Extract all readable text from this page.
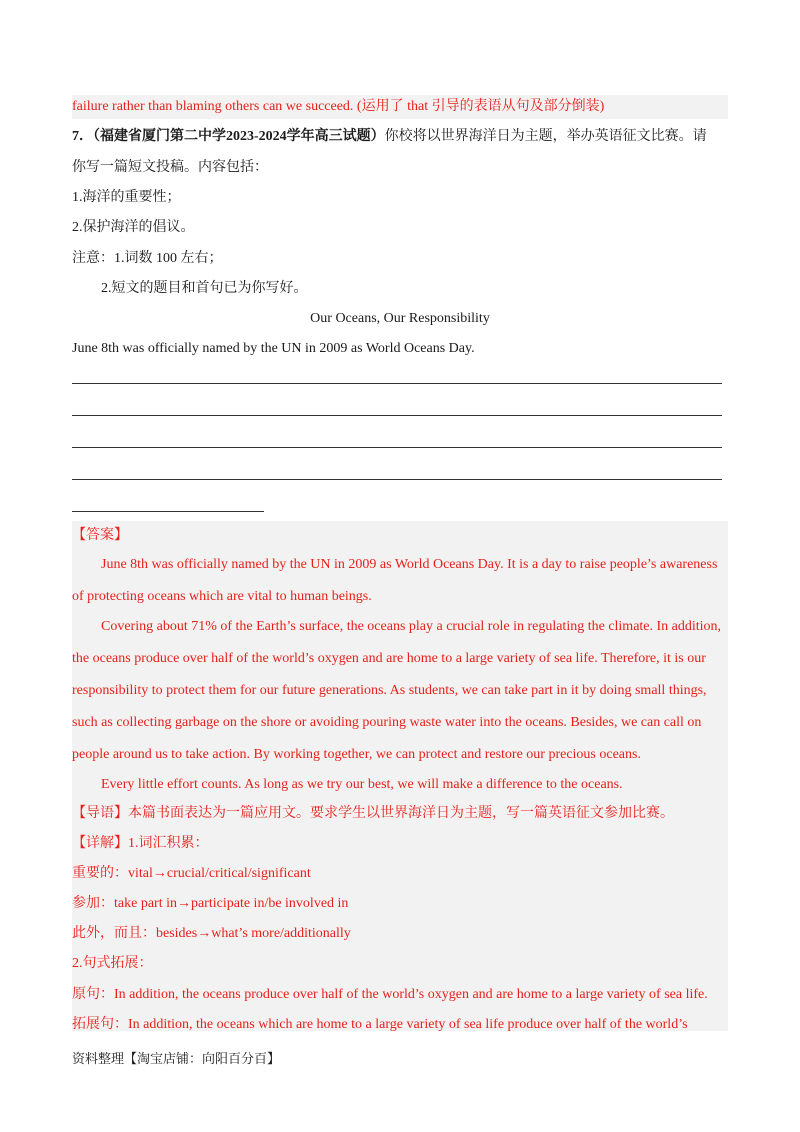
failure rather than blaming others can we succeed. (运用了 that 引导的表语从句及部分倒装)
7．（福建省厦门第二中学2023-2024学年高三试题）你校将以世界海洋日为主题，举办英语征文比赛。请
你写一篇短文投稿。内容包括：
1.海洋的重要性；
2.保护海洋的倡议。
注意：1.词数 100 左右；
2.短文的题目和首句已为你写好。
Our Oceans, Our Responsibility
June 8th was officially named by the UN in 2009 as World Oceans Day.
【答案】
June 8th was officially named by the UN in 2009 as World Oceans Day. It is a day to raise people’s awareness
of protecting oceans which are vital to human beings.
Covering about 71% of the Earth’s surface, the oceans play a crucial role in regulating the climate. In addition,
the oceans produce over half of the world’s oxygen and are home to a large variety of sea life. Therefore, it is our
responsibility to protect them for our future generations. As students, we can take part in it by doing small things,
such as collecting garbage on the shore or avoiding pouring waste water into the oceans. Besides, we can call on
people around us to take action. By working together, we can protect and restore our precious oceans.
Every little effort counts. As long as we try our best, we will make a difference to the oceans.
【导语】本篇书面表达为一篇应用文。要求学生以世界海洋日为主题，写一篇英语征文参加比赛。
【详解】1.词汇积累：
重要的：vital→crucial/critical/significant
参加：take part in→participate in/be involved in
此外，而且：besides→what’s more/additionally
2.句式拓展：
原句：In addition, the oceans produce over half of the world’s oxygen and are home to a large variety of sea life.
拓展句：In addition, the oceans which are home to a large variety of sea life produce over half of the world’s
资料整理【淘宝店铺：向阳百分百】
